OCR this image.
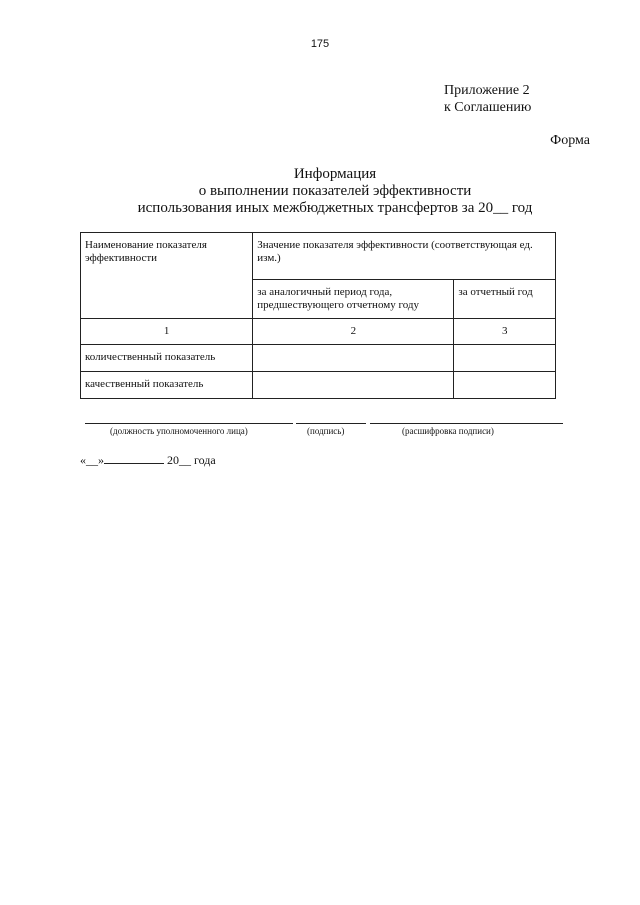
175
Приложение 2
к Соглашению
Форма
Информация
о выполнении показателей эффективности
использования иных межбюджетных трансфертов за 20__ год
Наименование показателя эффективности	Значение показателя эффективности (соответствующая ед. изм.)	
	за аналогичный период года, предшествующего отчетному году	за отчетный год
1	2	3
количественный показатель		
качественный показатель		
(должность уполномоченного лица)	(подпись)	(расшифровка подписи)
«__»	20__ года
